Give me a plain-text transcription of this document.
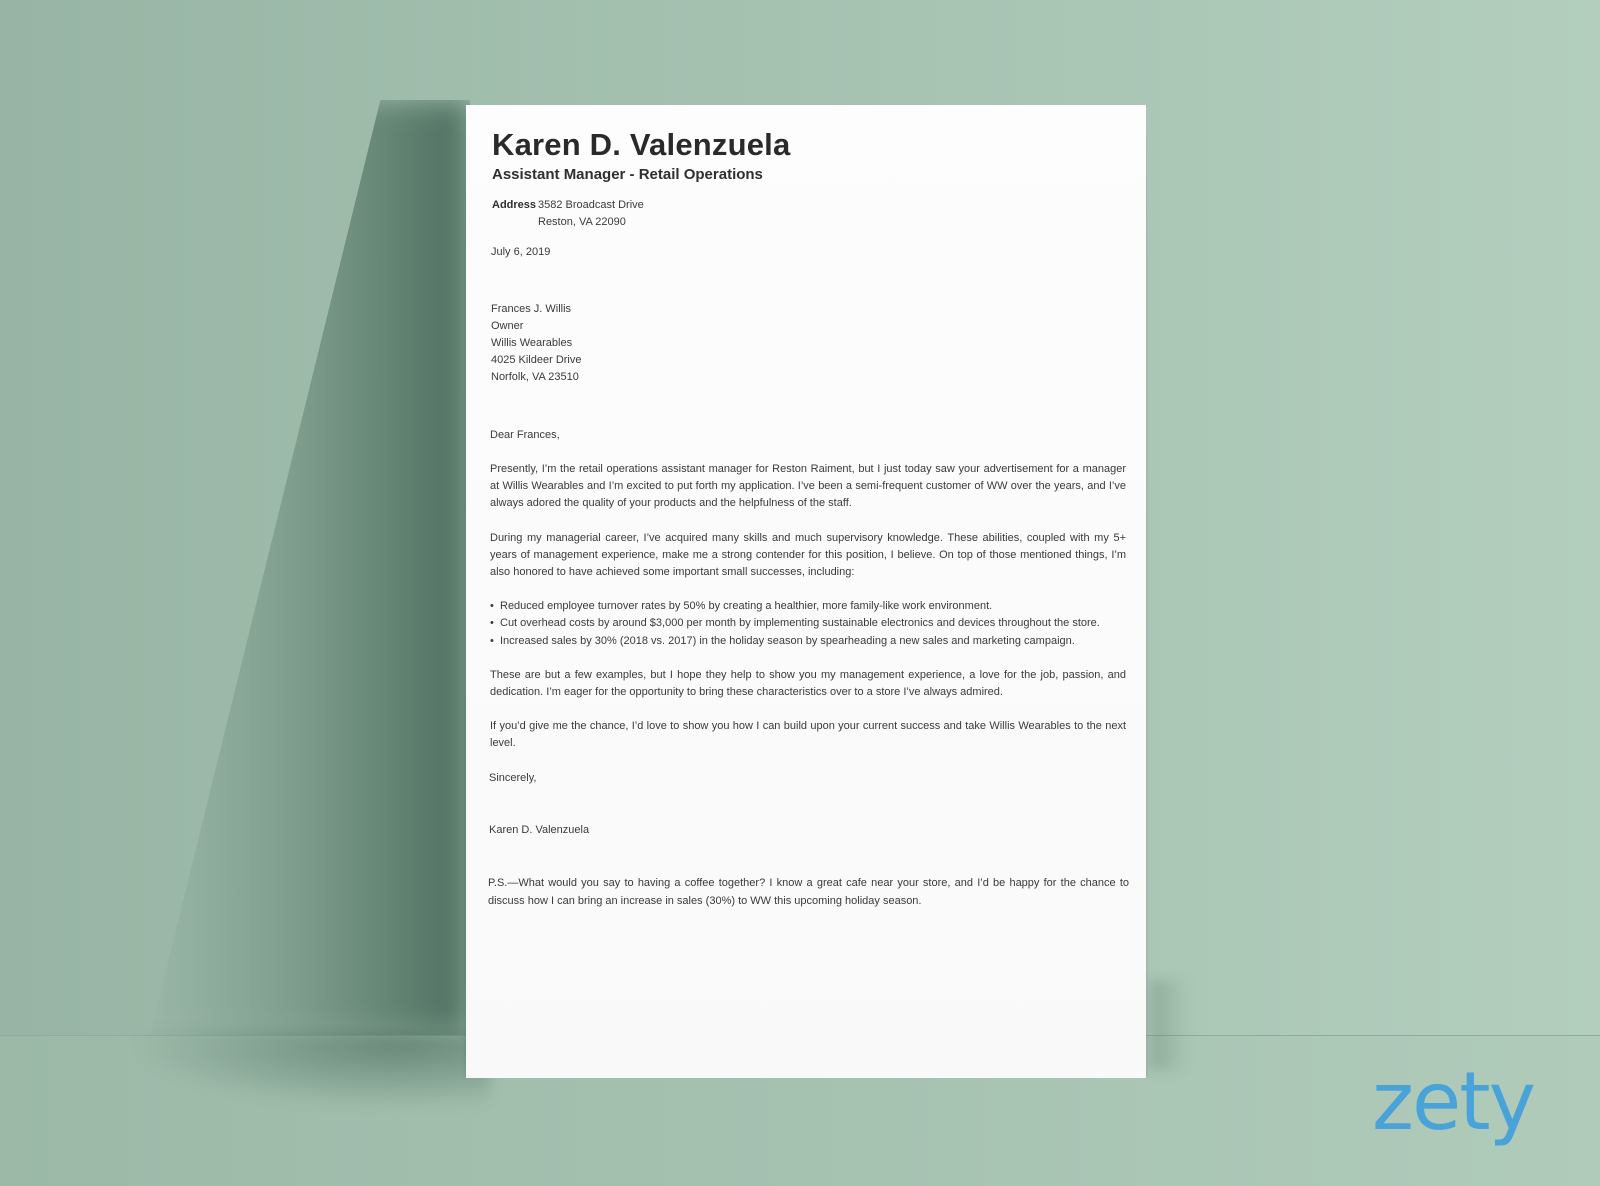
Karen D. Valenzuela
Assistant Manager - Retail Operations
Address 3582 Broadcast Drive
Reston, VA 22090
July 6, 2019
Frances J. Willis
Owner
Willis Wearables
4025 Kildeer Drive
Norfolk, VA 23510
Dear Frances,
Presently, I’m the retail operations assistant manager for Reston Raiment, but I just today saw your advertisement for a manager at Willis Wearables and I’m excited to put forth my application. I’ve been a semi-frequent customer of WW over the years, and I’ve always adored the quality of your products and the helpfulness of the staff.
During my managerial career, I’ve acquired many skills and much supervisory knowledge. These abilities, coupled with my 5+ years of management experience, make me a strong contender for this position, I believe. On top of those mentioned things, I’m also honored to have achieved some important small successes, including:
• Reduced employee turnover rates by 50% by creating a healthier, more family-like work environment.
• Cut overhead costs by around $3,000 per month by implementing sustainable electronics and devices throughout the store.
• Increased sales by 30% (2018 vs. 2017) in the holiday season by spearheading a new sales and marketing campaign.
These are but a few examples, but I hope they help to show you my management experience, a love for the job, passion, and dedication. I’m eager for the opportunity to bring these characteristics over to a store I’ve always admired.
If you’d give me the chance, I’d love to show you how I can build upon your current success and take Willis Wearables to the next level.
Sincerely,
Karen D. Valenzuela
P.S.—What would you say to having a coffee together? I know a great cafe near your store, and I’d be happy for the chance to discuss how I can bring an increase in sales (30%) to WW this upcoming holiday season.
zety
